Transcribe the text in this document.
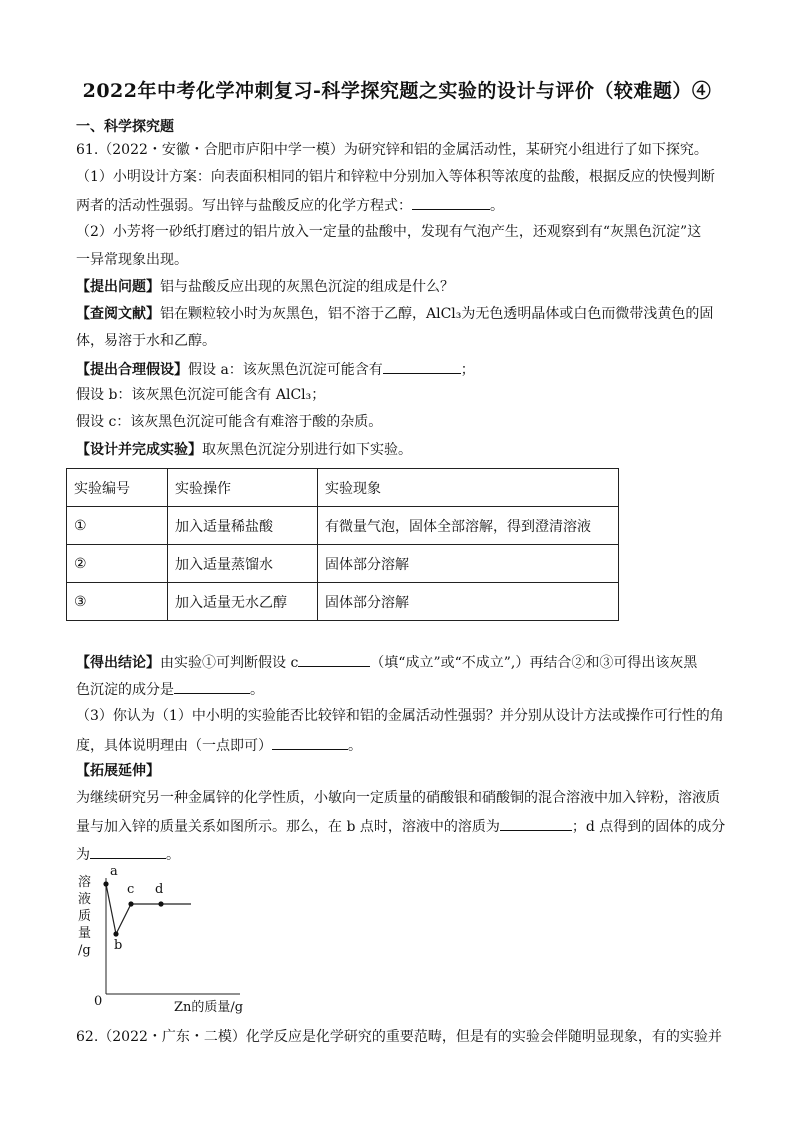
2022年中考化学冲刺复习-科学探究题之实验的设计与评价（较难题）④
一、科学探究题
61.（2022・安徽・合肥市庐阳中学一模）为研究锌和铝的金属活动性，某研究小组进行了如下探究。
（1）小明设计方案：向表面积相同的铝片和锌粒中分别加入等体积等浓度的盐酸，根据反应的快慢判断
两者的活动性强弱。写出锌与盐酸反应的化学方程式：	。
（2）小芳将一砂纸打磨过的铝片放入一定量的盐酸中，发现有气泡产生，还观察到有“灰黑色沉淀”这
一异常现象出现。
【提出问题】铝与盐酸反应出现的灰黑色沉淀的组成是什么？
【查阅文献】铝在颗粒较小时为灰黑色，铝不溶于乙醇，AlCl₃为无色透明晶体或白色而微带浅黄色的固
体，易溶于水和乙醇。
【提出合理假设】假设 a：该灰黑色沉淀可能含有	；
假设 b：该灰黑色沉淀可能含有 AlCl₃；
假设 c：该灰黑色沉淀可能含有难溶于酸的杂质。
【设计并完成实验】取灰黑色沉淀分别进行如下实验。
实验编号	实验操作	实验现象
①	加入适量稀盐酸	有微量气泡，固体全部溶解，得到澄清溶液
②	加入适量蒸馏水	固体部分溶解
③	加入适量无水乙醇	固体部分溶解
【得出结论】由实验①可判断假设 c	（填“成立”或“不成立”,）再结合②和③可得出该灰黑
色沉淀的成分是	。
（3）你认为（1）中小明的实验能否比较锌和铝的金属活动性强弱？并分别从设计方法或操作可行性的角
度，具体说明理由（一点即可）	。
【拓展延伸】
为继续研究另一种金属锌的化学性质，小敏向一定质量的硝酸银和硝酸铜的混合溶液中加入锌粉，溶液质
量与加入锌的质量关系如图所示。那么，在 b 点时，溶液中的溶质为	；d 点得到的固体的成分
为	。
溶
液
质
量
/g
0	Zn的质量/g
a
b
c d
62.（2022・广东・二模）化学反应是化学研究的重要范畴，但是有的实验会伴随明显现象，有的实验并
